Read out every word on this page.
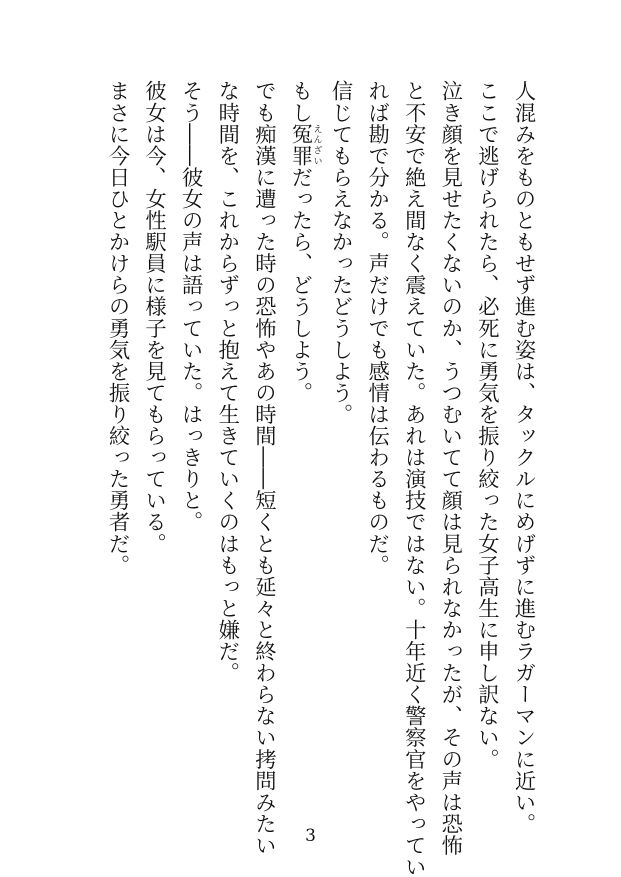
人混みをものともせず進む姿は、タックルにめげずに進むラガーマンに近い。
ここで逃げられたら、必死に勇気を振り絞った女子高生に申し訳ない。
泣き顔を見せたくないのか、うつむいてて顔は見られなかったが、その声は恐怖
と不安で絶え間なく震えていた。あれは演技ではない。十年近く警察官をやってい
れば勘で分かる。声だけでも感情は伝わるものだ。
信じてもらえなかったどうしよう。
もし冤罪えんざいだったら、どうしよう。
でも痴漢に遭った時の恐怖やあの時間――短くとも延々と終わらない拷問みたい
な時間を、これからずっと抱えて生きていくのはもっと嫌だ。
そう――彼女の声は語っていた。はっきりと。
彼女は今、女性駅員に様子を見てもらっている。
まさに今日ひとかけらの勇気を振り絞った勇者だ。
3
